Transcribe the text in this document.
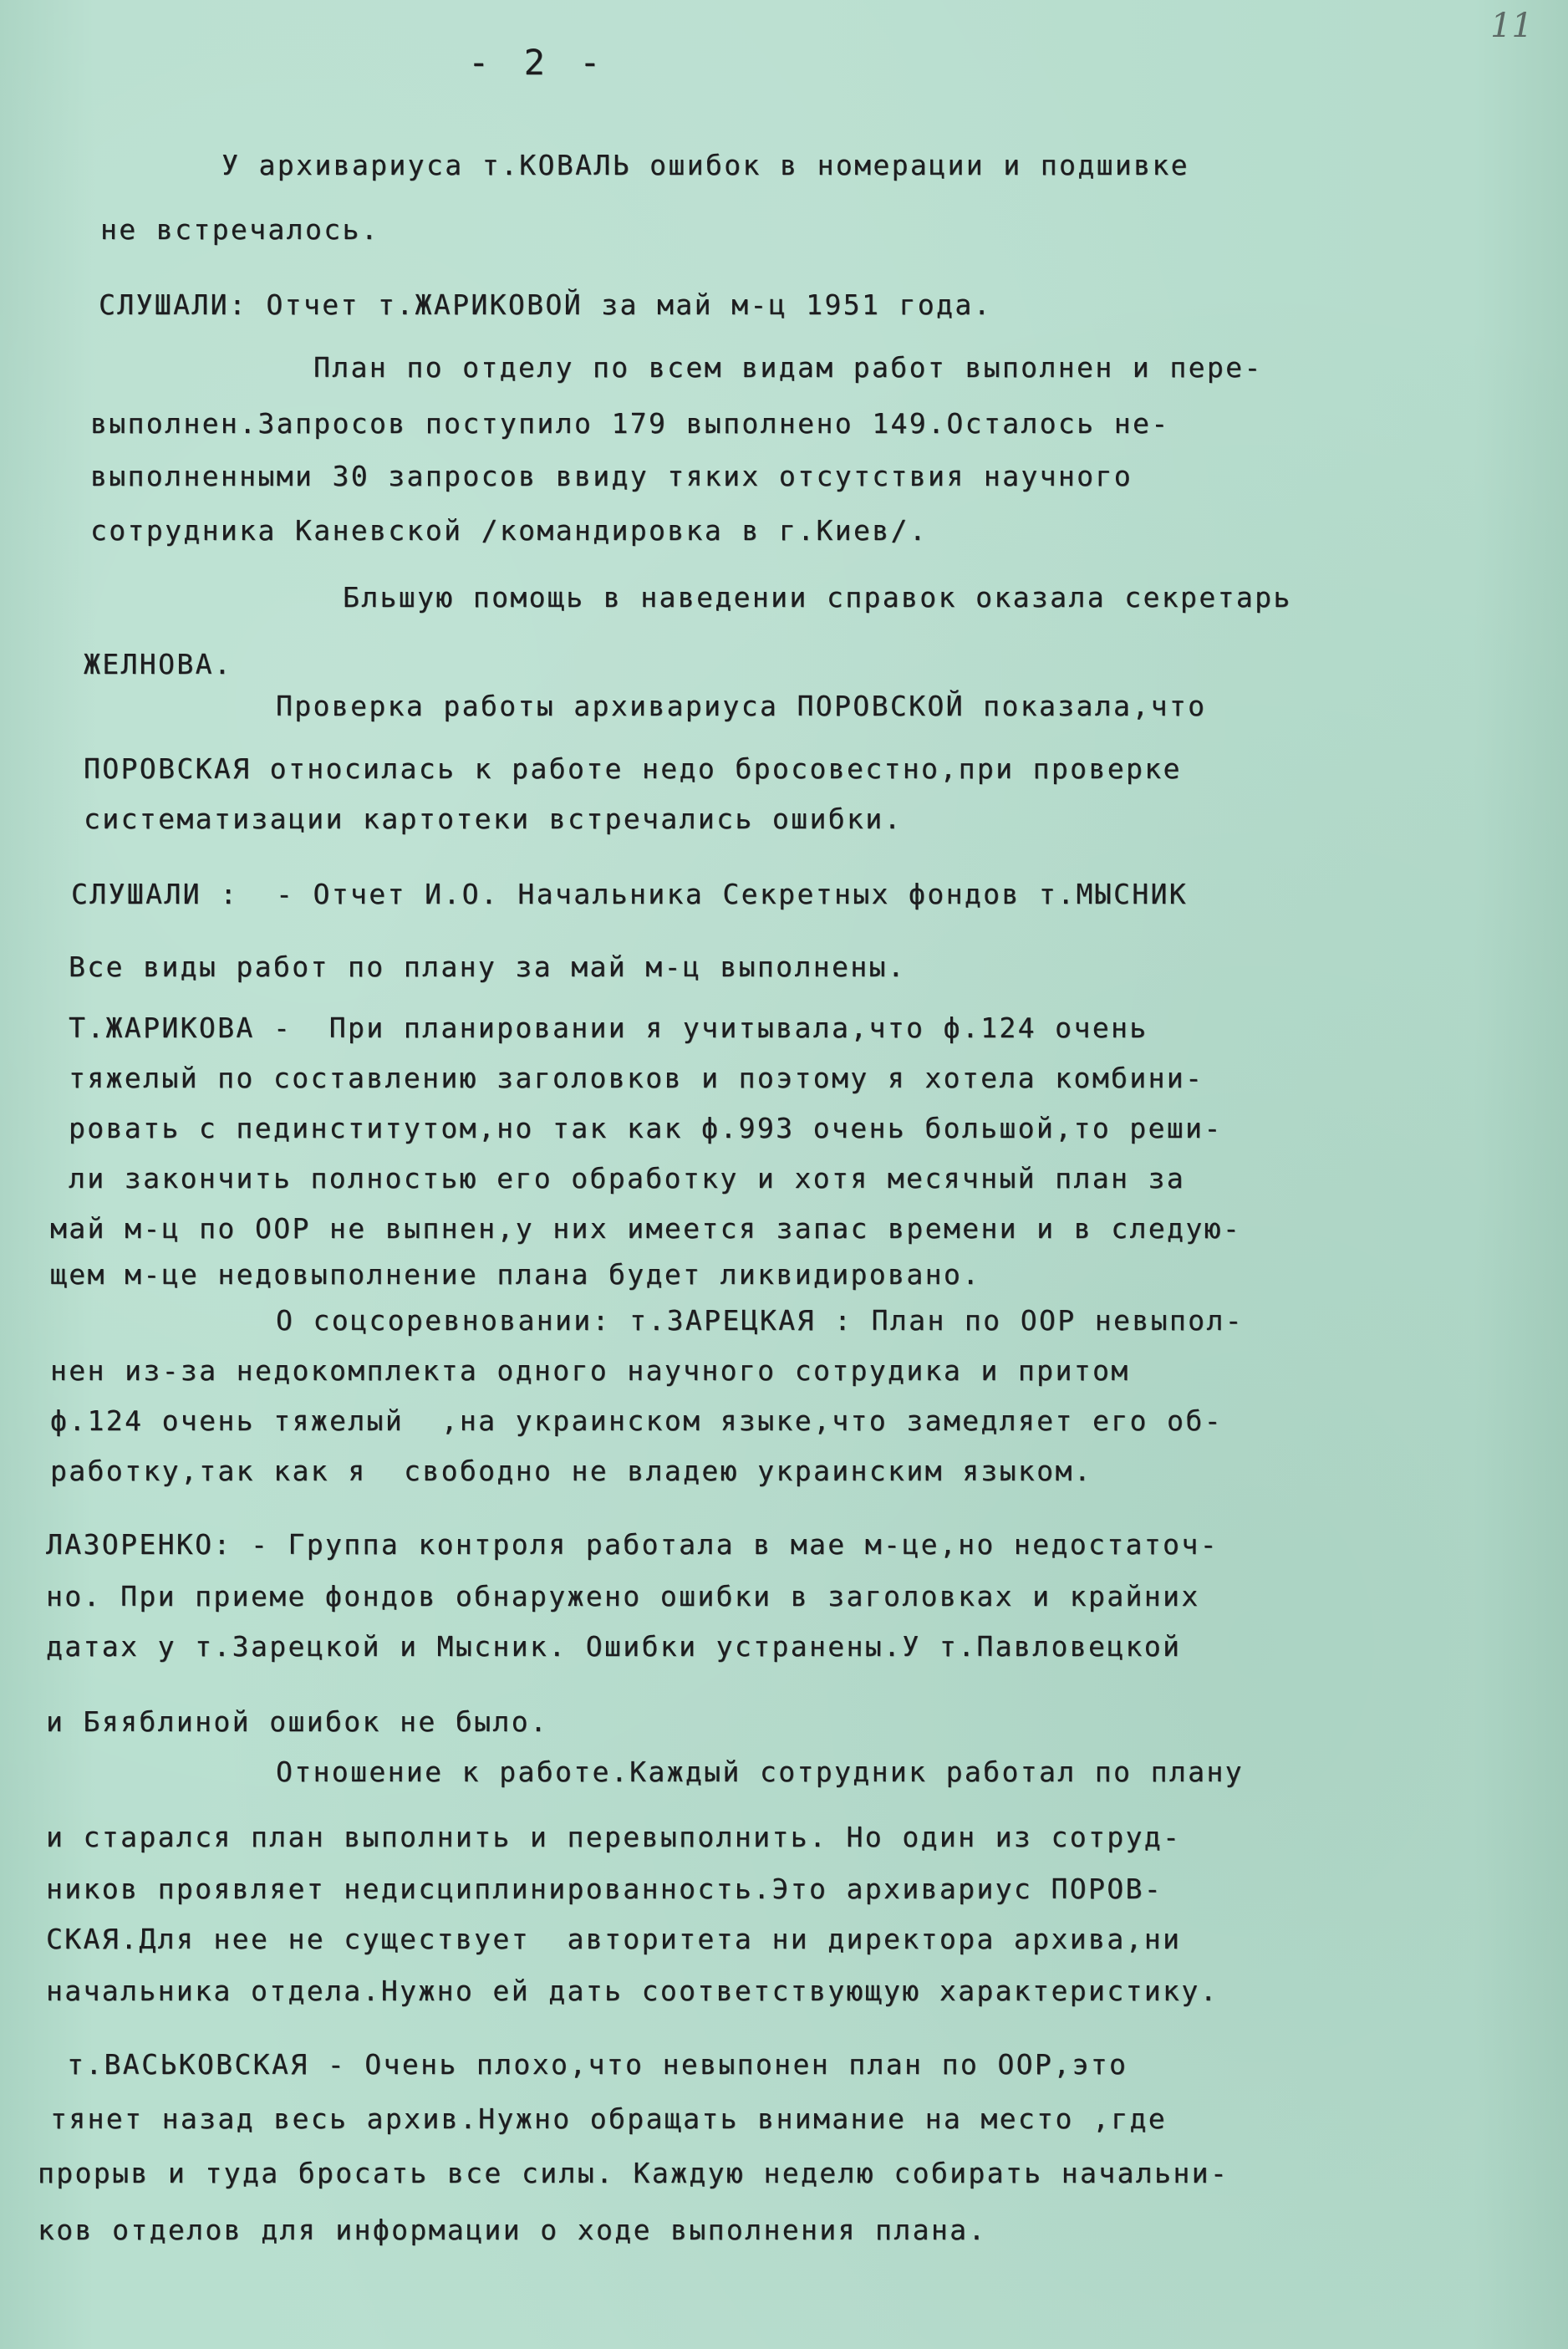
11
- 2 -
У архивариуса т.КОВАЛЬ ошибок в номерации и подшивке
не встречалось.
СЛУШАЛИ: Отчет т.ЖАРИКОВОЙ за май м-ц 1951 года.
План по отделу по всем видам работ выполнен и пере-
выполнен.Запросов поступило 179 выполнено 149.Осталось не-
выполненными 30 запросов ввиду тяких отсутствия научного
сотрудника Каневской /командировка в г.Киев/.
Бльшую помощь в наведении справок оказала секретарь
ЖЕЛНОВА.
Проверка работы архивариуса ПОРОВСКОЙ показала,что
ПОРОВСКАЯ относилась к работе недо бросовестно,при проверке
систематизации картотеки встречались ошибки.
СЛУШАЛИ :  - Отчет И.О. Начальника Секретных фондов т.МЫСНИК
Все виды работ по плану за май м-ц выполнены.
Т.ЖАРИКОВА -  При планировании я учитывала,что ф.124 очень
тяжелый по составлению заголовков и поэтому я хотела комбини-
ровать с пединститутом,но так как ф.993 очень большой,то реши-
ли закончить полностью его обработку и хотя месячный план за
май м-ц по ООР не выпнен,у них имеется запас времени и в следую-
щем м-це недовыполнение плана будет ликвидировано.
О соцсоревновании: т.ЗАРЕЦКАЯ : План по ООР невыпол-
нен из-за недокомплекта одного научного сотрудика и притом
ф.124 очень тяжелый  ,на украинском языке,что замедляет его об-
работку,так как я  свободно не владею украинским языком.
ЛАЗОРЕНКО: - Группа контроля работала в мае м-це,но недостаточ-
но. При приеме фондов обнаружено ошибки в заголовках и крайних
датах у т.Зарецкой и Мысник. Ошибки устранены.У т.Павловецкой
и Бяяблиной ошибок не было.
Отношение к работе.Каждый сотрудник работал по плану
и старался план выполнить и перевыполнить. Но один из сотруд-
ников проявляет недисциплинированность.Это архивариус ПОРОВ-
СКАЯ.Для нее не существует  авторитета ни директора архива,ни
начальника отдела.Нужно ей дать соответствующую характеристику.
т.ВАСЬКОВСКАЯ - Очень плохо,что невыпонен план по ООР,это
тянет назад весь архив.Нужно обращать внимание на место ,где
прорыв и туда бросать все силы. Каждую неделю собирать начальни-
ков отделов для информации о ходе выполнения плана.
